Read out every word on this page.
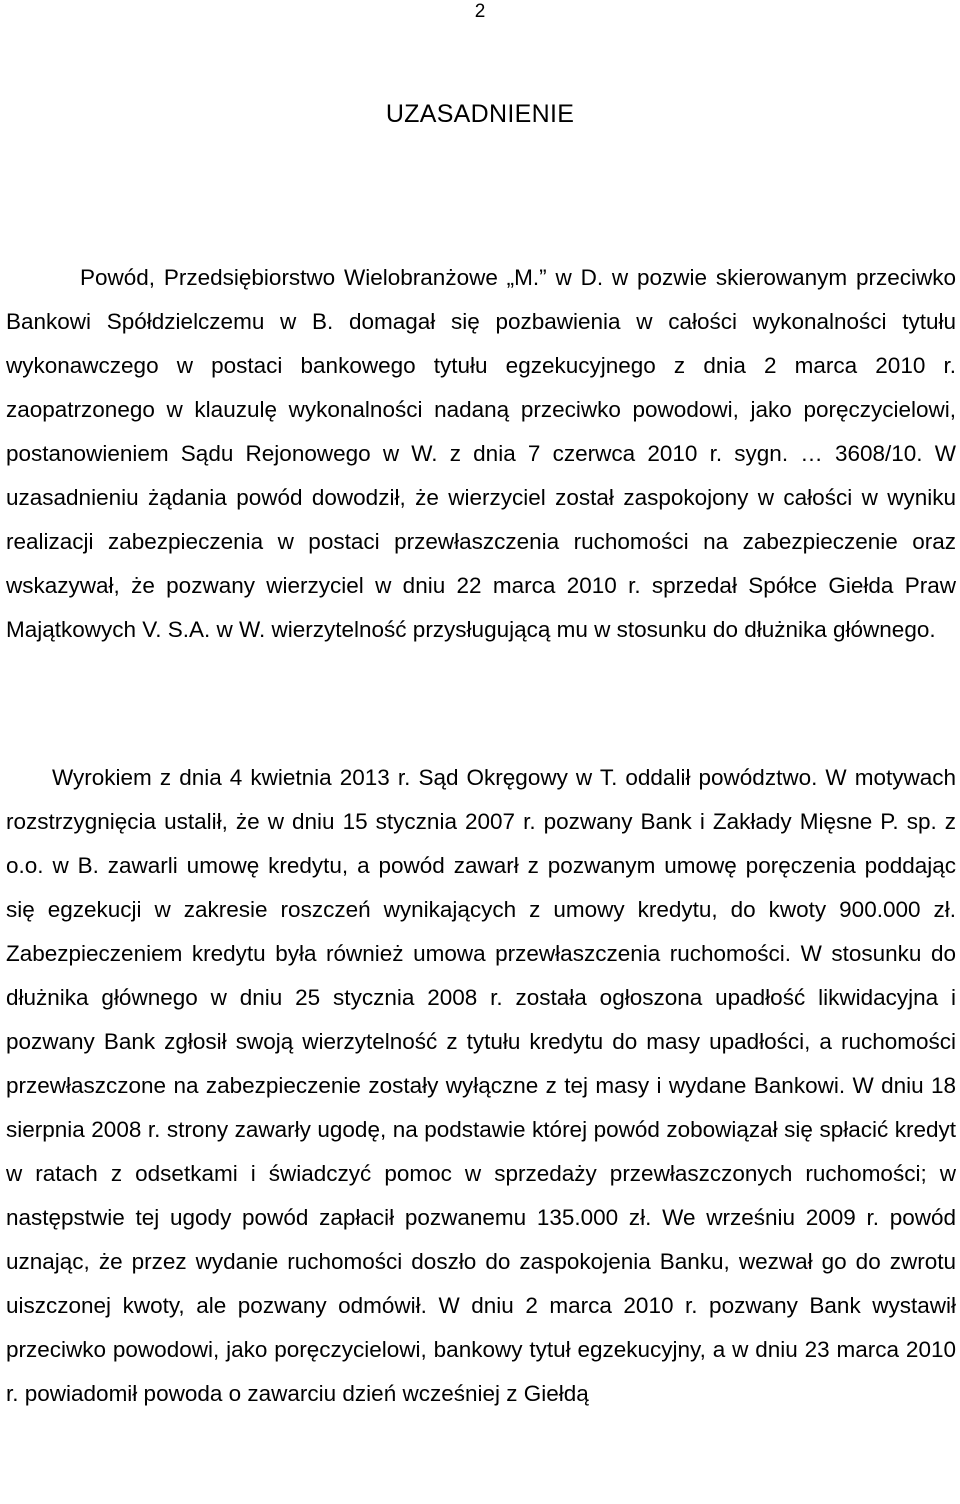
2
UZASADNIENIE

Powód, Przedsiębiorstwo Wielobranżowe „M.” w D. w pozwie skierowanym przeciwko Bankowi Spółdzielczemu w B. domagał się pozbawienia w całości wykonalności tytułu wykonawczego w postaci bankowego tytułu egzekucyjnego z dnia 2 marca 2010 r. zaopatrzonego w klauzulę wykonalności nadaną przeciwko powodowi, jako poręczycielowi, postanowieniem Sądu Rejonowego w W. z dnia 7 czerwca 2010 r. sygn. … 3608/10. W uzasadnieniu żądania powód dowodził, że wierzyciel został zaspokojony w całości w wyniku realizacji zabezpieczenia w postaci przewłaszczenia ruchomości na zabezpieczenie oraz wskazywał, że pozwany wierzyciel w dniu 22 marca 2010 r. sprzedał Spółce Giełda Praw Majątkowych V. S.A. w W. wierzytelność przysługującą mu w stosunku do dłużnika głównego.

Wyrokiem z dnia 4 kwietnia 2013 r. Sąd Okręgowy w T. oddalił powództwo. W motywach rozstrzygnięcia ustalił, że w dniu 15 stycznia 2007 r. pozwany Bank i Zakłady Mięsne P. sp. z o.o. w B. zawarli umowę kredytu, a powód zawarł z pozwanym umowę poręczenia poddając się egzekucji w zakresie roszczeń wynikających z umowy kredytu, do kwoty 900.000 zł. Zabezpieczeniem kredytu była również umowa przewłaszczenia ruchomości. W stosunku do dłużnika głównego w dniu 25 stycznia 2008 r. została ogłoszona upadłość likwidacyjna i pozwany Bank zgłosił swoją wierzytelność z tytułu kredytu do masy upadłości, a ruchomości przewłaszczone na zabezpieczenie zostały wyłączne z tej masy i wydane Bankowi. W dniu 18 sierpnia 2008 r. strony zawarły ugodę, na podstawie której powód zobowiązał się spłacić kredyt w ratach z odsetkami i świadczyć pomoc w sprzedaży przewłaszczonych ruchomości; w następstwie tej ugody powód zapłacił pozwanemu 135.000 zł. We wrześniu 2009 r. powód uznając, że przez wydanie ruchomości doszło do zaspokojenia Banku, wezwał go do zwrotu uiszczonej kwoty, ale pozwany odmówił. W dniu 2 marca 2010 r. pozwany Bank wystawił przeciwko powodowi, jako poręczycielowi, bankowy tytuł egzekucyjny, a w dniu 23 marca 2010 r. powiadomił powoda o zawarciu dzień wcześniej z Giełdą
